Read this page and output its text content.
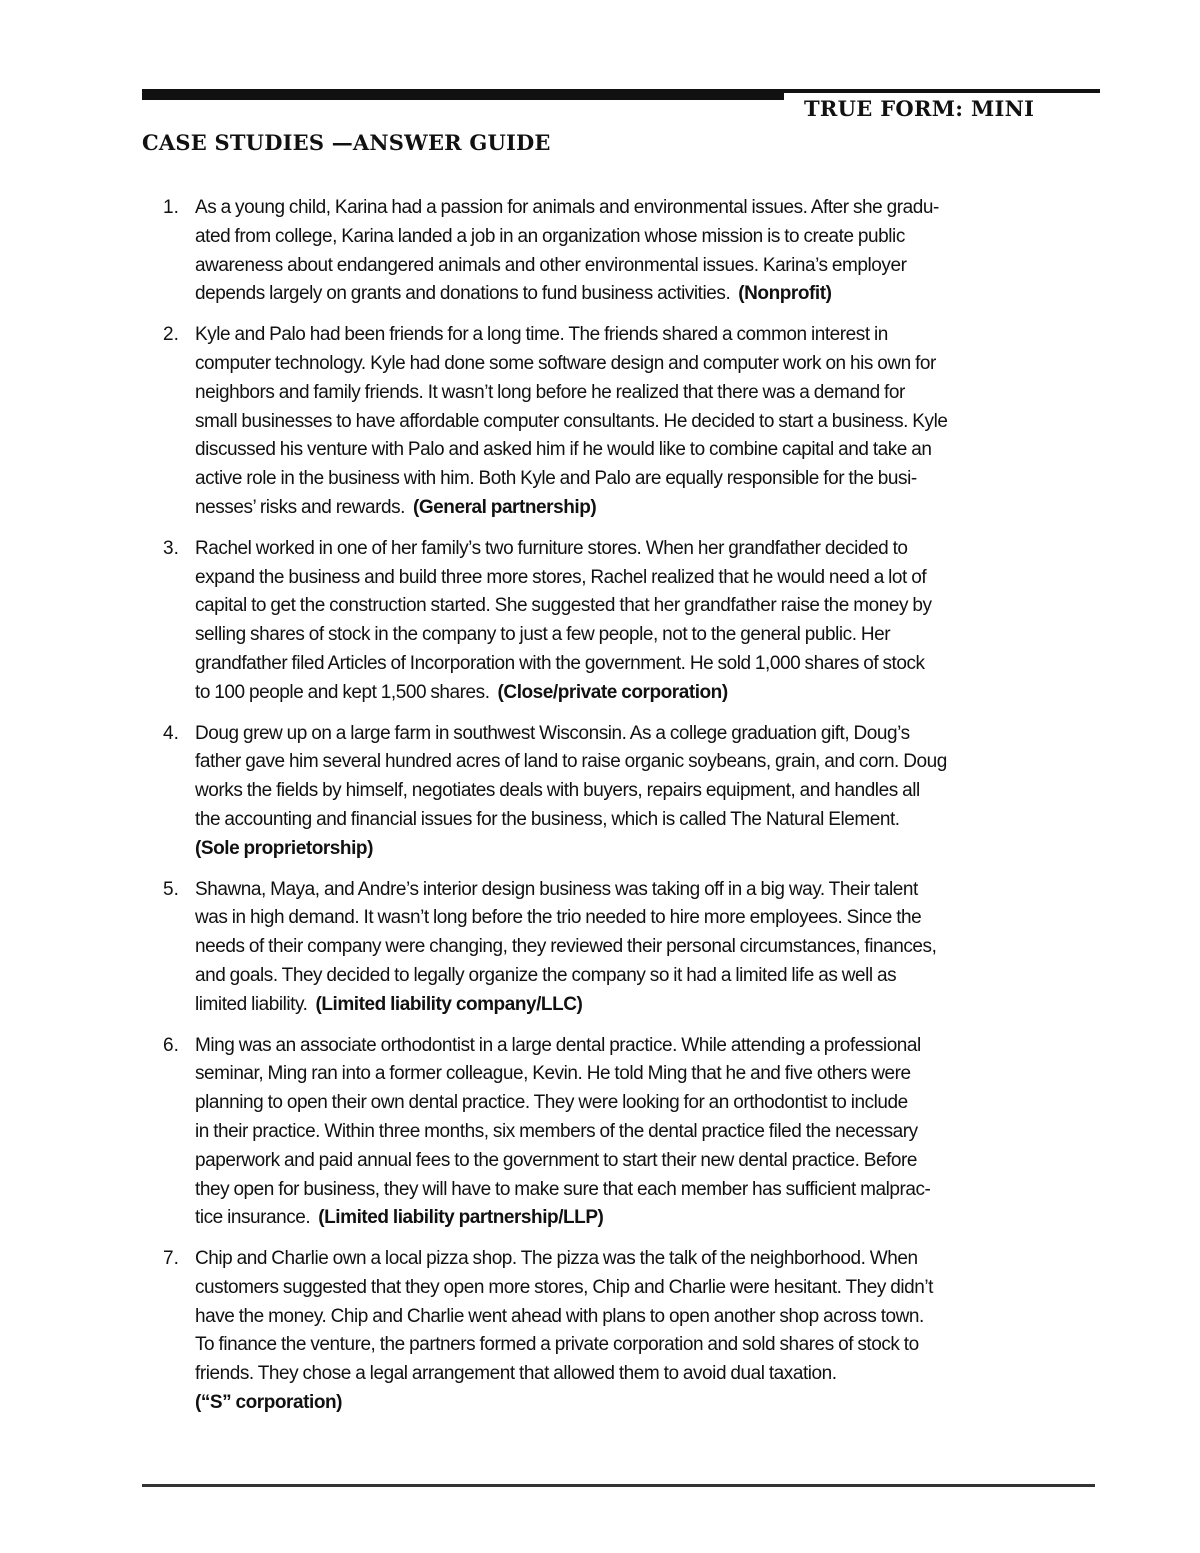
TRUE FORM: MINI
CASE STUDIES —ANSWER GUIDE
1. As a young child, Karina had a passion for animals and environmental issues. After she gradu-
ated from college, Karina landed a job in an organization whose mission is to create public
awareness about endangered animals and other environmental issues. Karina’s employer
depends largely on grants and donations to fund business activities. (Nonprofit)
2. Kyle and Palo had been friends for a long time. The friends shared a common interest in
computer technology. Kyle had done some software design and computer work on his own for
neighbors and family friends. It wasn’t long before he realized that there was a demand for
small businesses to have affordable computer consultants. He decided to start a business. Kyle
discussed his venture with Palo and asked him if he would like to combine capital and take an
active role in the business with him. Both Kyle and Palo are equally responsible for the busi-
nesses’ risks and rewards. (General partnership)
3. Rachel worked in one of her family’s two furniture stores. When her grandfather decided to
expand the business and build three more stores, Rachel realized that he would need a lot of
capital to get the construction started. She suggested that her grandfather raise the money by
selling shares of stock in the company to just a few people, not to the general public. Her
grandfather filed Articles of Incorporation with the government. He sold 1,000 shares of stock
to 100 people and kept 1,500 shares. (Close/private corporation)
4. Doug grew up on a large farm in southwest Wisconsin. As a college graduation gift, Doug’s
father gave him several hundred acres of land to raise organic soybeans, grain, and corn. Doug
works the fields by himself, negotiates deals with buyers, repairs equipment, and handles all
the accounting and financial issues for the business, which is called The Natural Element.
(Sole proprietorship)
5. Shawna, Maya, and Andre’s interior design business was taking off in a big way. Their talent
was in high demand. It wasn’t long before the trio needed to hire more employees. Since the
needs of their company were changing, they reviewed their personal circumstances, finances,
and goals. They decided to legally organize the company so it had a limited life as well as
limited liability. (Limited liability company/LLC)
6. Ming was an associate orthodontist in a large dental practice. While attending a professional
seminar, Ming ran into a former colleague, Kevin. He told Ming that he and five others were
planning to open their own dental practice. They were looking for an orthodontist to include
in their practice. Within three months, six members of the dental practice filed the necessary
paperwork and paid annual fees to the government to start their new dental practice. Before
they open for business, they will have to make sure that each member has sufficient malprac-
tice insurance. (Limited liability partnership/LLP)
7. Chip and Charlie own a local pizza shop. The pizza was the talk of the neighborhood. When
customers suggested that they open more stores, Chip and Charlie were hesitant. They didn’t
have the money. Chip and Charlie went ahead with plans to open another shop across town.
To finance the venture, the partners formed a private corporation and sold shares of stock to
friends. They chose a legal arrangement that allowed them to avoid dual taxation.
(“S” corporation)
